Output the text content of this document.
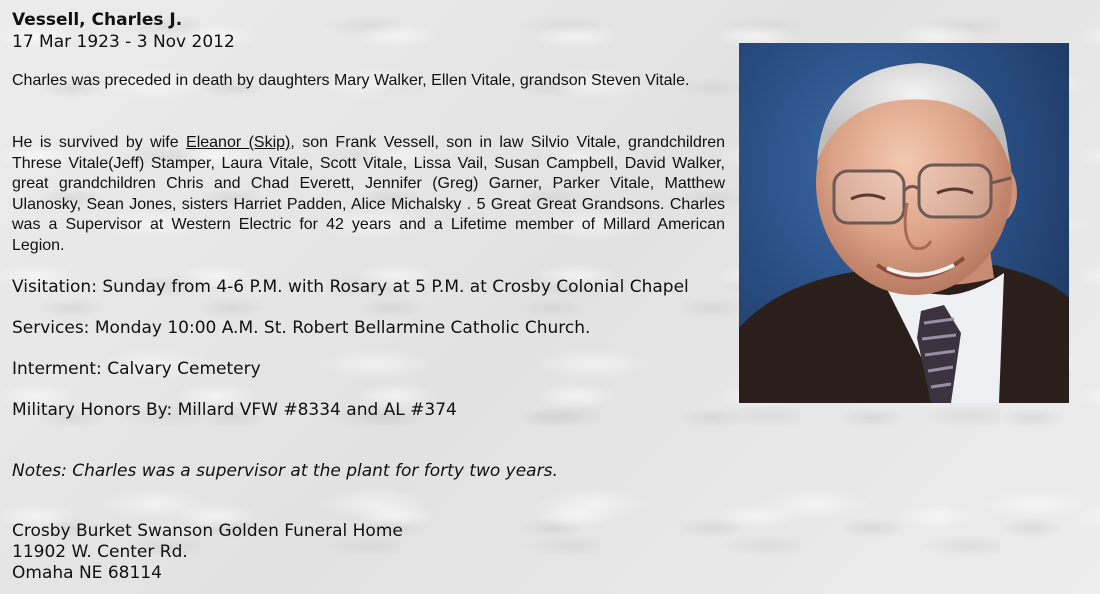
Vessell, Charles J.
17 Mar 1923 - 3 Nov 2012

Charles was preceded in death by daughters Mary Walker, Ellen Vitale, grandson Steven Vitale.

He is survived by wife Eleanor (Skip), son Frank Vessell, son in law Silvio Vitale, grandchildren Threse Vitale(Jeff) Stamper, Laura Vitale, Scott Vitale, Lissa Vail, Susan Campbell, David Walker, great grandchildren Chris and Chad Everett, Jennifer (Greg) Garner, Parker Vitale, Matthew Ulanosky, Sean Jones, sisters Harriet Padden, Alice Michalsky . 5 Great Great Grandsons. Charles was a Supervisor at Western Electric for 42 years and a Lifetime member of Millard American Legion.

Visitation: Sunday from 4-6 P.M. with Rosary at 5 P.M. at Crosby Colonial Chapel
Services: Monday 10:00 A.M. St. Robert Bellarmine Catholic Church.
Interment: Calvary Cemetery
Military Honors By: Millard VFW #8334 and AL #374
Notes: Charles was a supervisor at the plant for forty two years.
Crosby Burket Swanson Golden Funeral Home
11902 W. Center Rd.
Omaha NE 68114
